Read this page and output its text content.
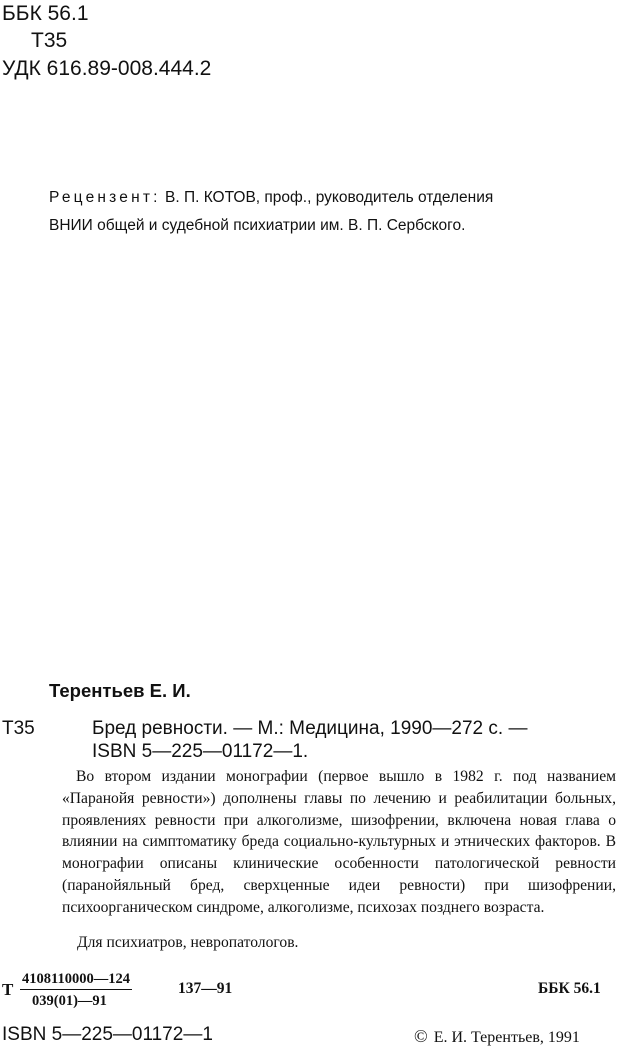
ББК 56.1
Т35
УДК 616.89-008.444.2
Рецензент: В. П. КОТОВ, проф., руководитель отделения
ВНИИ общей и судебной психиатрии им. В. П. Сербского.
Терентьев Е. И.
Т35	Бред ревности. — М.: Медицина, 1990—272 с. —
ISBN 5—225—01172—1.

Во втором издании монографии (первое вышло в 1982 г. под названием «Паранойя ревности») дополнены главы по лечению и реабилитации больных, проявлениях ревности при алкоголизме, шизофрении, включена новая глава о влиянии на симптоматику бреда социально-культурных и этнических факторов. В монографии описаны клинические особенности патологической ревности (паранойяльный бред, сверхценные идеи ревности) при шизофрении, психоорганическом синдроме, алкоголизме, психозах позднего возраста.

Для психиатров, невропатологов.
Т $\frac{4108110000—124}{039(01)—91}$	137—91	ББК 56.1
ISBN 5—225—01172—1	© Е. И. Терентьев, 1991
